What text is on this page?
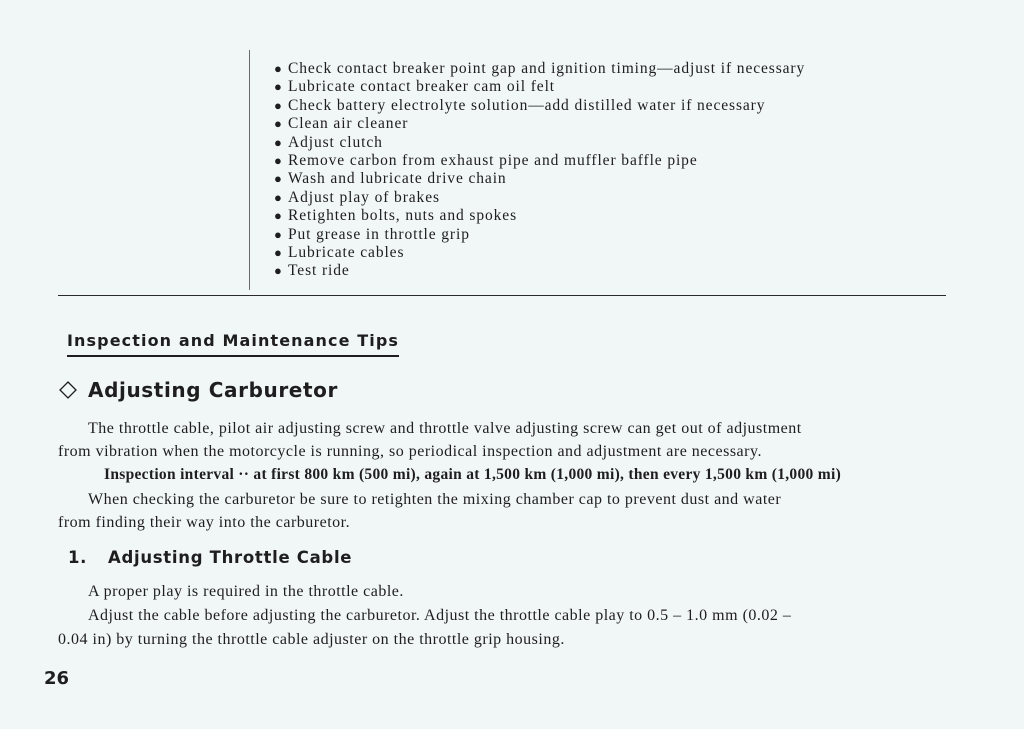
● Check contact breaker point gap and ignition timing—adjust if necessary
● Lubricate contact breaker cam oil felt
● Check battery electrolyte solution—add distilled water if necessary
● Clean air cleaner
● Adjust clutch
● Remove carbon from exhaust pipe and muffler baffle pipe
● Wash and lubricate drive chain
● Adjust play of brakes
● Retighten bolts, nuts and spokes
● Put grease in throttle grip
● Lubricate cables
● Test ride
Inspection and Maintenance Tips
Adjusting Carburetor
The throttle cable, pilot air adjusting screw and throttle valve adjusting screw can get out of adjustment
from vibration when the motorcycle is running, so periodical inspection and adjustment are necessary.
Inspection interval ·· at first 800 km (500 mi), again at 1,500 km (1,000 mi), then every 1,500 km (1,000 mi)
When checking the carburetor be sure to retighten the mixing chamber cap to prevent dust and water
from finding their way into the carburetor.
1. Adjusting Throttle Cable
A proper play is required in the throttle cable.
Adjust the cable before adjusting the carburetor. Adjust the throttle cable play to 0.5 – 1.0 mm (0.02 –
0.04 in) by turning the throttle cable adjuster on the throttle grip housing.
26
